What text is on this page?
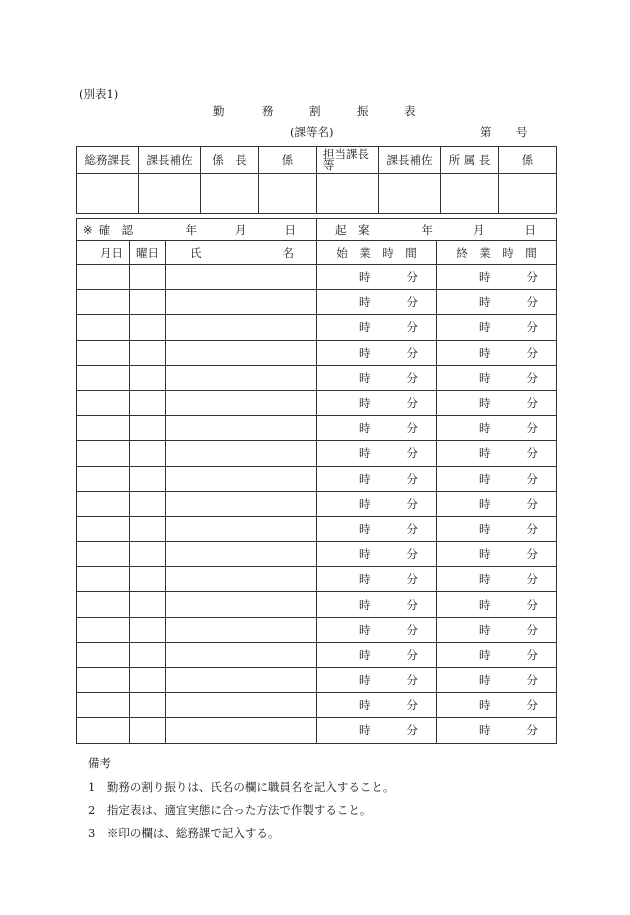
(別表1)
勤	務	割	振	表
(課等名)	第 号
総務課長	課長補佐	係　長	係	担当課長等	課長補佐	所 属 長	係

※ 確　認	年	月	日	起　案	年	月	日
月日	曜日	氏 名	始　業　時　間	終　業　時　間

			時 分	時 分

			時 分	時 分

			時 分	時 分

			時 分	時 分

			時 分	時 分

			時 分	時 分

			時 分	時 分

			時 分	時 分

			時 分	時 分

			時 分	時 分

			時 分	時 分

			時 分	時 分

			時 分	時 分

			時 分	時 分

			時 分	時 分

			時 分	時 分

			時 分	時 分

			時 分	時 分

			時 分	時 分
備考
1　勤務の割り振りは、氏名の欄に職員名を記入すること。
2　指定表は、適宜実態に合った方法で作製すること。
3　※印の欄は、総務課で記入する。
